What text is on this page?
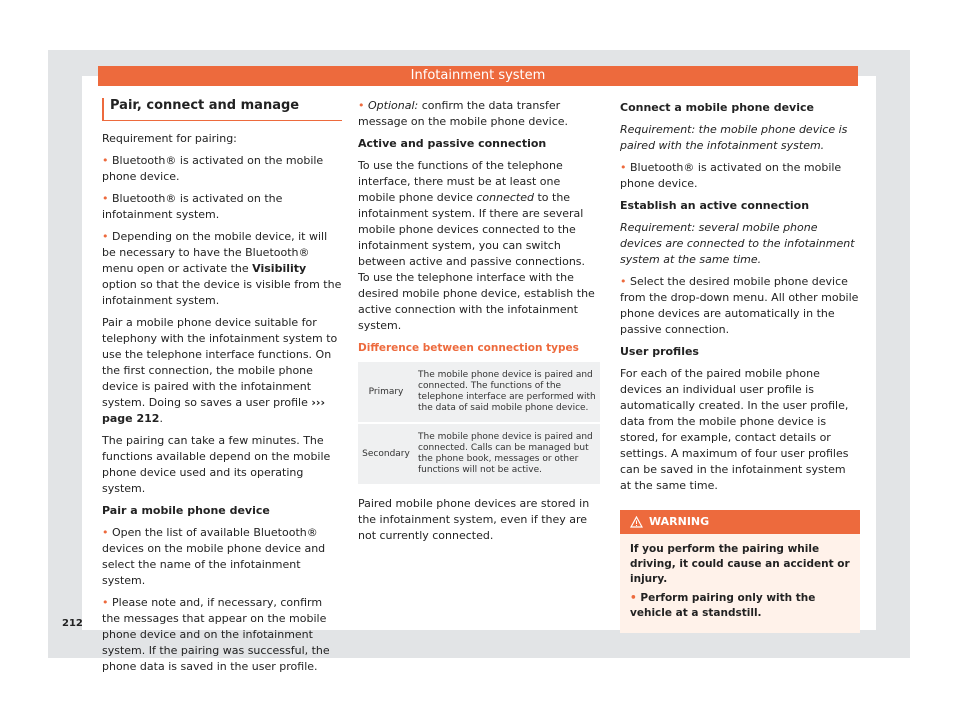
Infotainment system

Pair, connect and manage

Requirement for pairing:

• Bluetooth® is activated on the mobile phone device.

• Bluetooth® is activated on the infotainment system.

• Depending on the mobile device, it will be necessary to have the Bluetooth® menu open or activate the Visibility option so that the device is visible from the infotainment system.

Pair a mobile phone device suitable for telephony with the infotainment system to use the telephone interface functions. On the first connection, the mobile phone device is paired with the infotainment system. Doing so saves a user profile ››› page 212.

The pairing can take a few minutes. The functions available depend on the mobile phone device used and its operating system.

Pair a mobile phone device

• Open the list of available Bluetooth® devices on the mobile phone device and select the name of the infotainment system.

• Please note and, if necessary, confirm the messages that appear on the mobile phone device and on the infotainment system. If the pairing was successful, the phone data is saved in the user profile.

• Optional: confirm the data transfer message on the mobile phone device.

Active and passive connection

To use the functions of the telephone interface, there must be at least one mobile phone device connected to the infotainment system. If there are several mobile phone devices connected to the infotainment system, you can switch between active and passive connections. To use the telephone interface with the desired mobile phone device, establish the active connection with the infotainment system.

Difference between connection types

Primary	The mobile phone device is paired and connected. The functions of the telephone interface are performed with the data of said mobile phone device.
Secondary	The mobile phone device is paired and connected. Calls can be managed but the phone book, messages or other functions will not be active.

Paired mobile phone devices are stored in the infotainment system, even if they are not currently connected.

Connect a mobile phone device

Requirement: the mobile phone device is paired with the infotainment system.

• Bluetooth® is activated on the mobile phone device.

Establish an active connection

Requirement: several mobile phone devices are connected to the infotainment system at the same time.

• Select the desired mobile phone device from the drop-down menu. All other mobile phone devices are automatically in the passive connection.

User profiles

For each of the paired mobile phone devices an individual user profile is automatically created. In the user profile, data from the mobile phone device is stored, for example, contact details or settings. A maximum of four user profiles can be saved in the infotainment system at the same time.

WARNING

If you perform the pairing while driving, it could cause an accident or injury.

• Perform pairing only with the vehicle at a standstill.

212
